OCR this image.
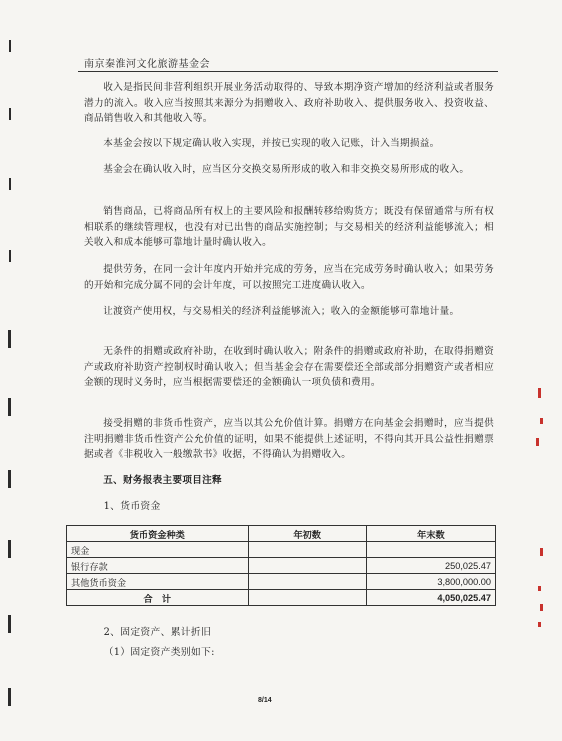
南京秦淮河文化旅游基金会

收入是指民间非营利组织开展业务活动取得的、导致本期净资产增加的经济利益或者服务潜力的流入。收入应当按照其来源分为捐赠收入、政府补助收入、提供服务收入、投资收益、商品销售收入和其他收入等。

本基金会按以下规定确认收入实现，并按已实现的收入记账，计入当期损益。

基金会在确认收入时，应当区分交换交易所形成的收入和非交换交易所形成的收入。

销售商品，已将商品所有权上的主要风险和报酬转移给购货方；既没有保留通常与所有权相联系的继续管理权，也没有对已出售的商品实施控制；与交易相关的经济利益能够流入；相关收入和成本能够可靠地计量时确认收入。

提供劳务，在同一会计年度内开始并完成的劳务，应当在完成劳务时确认收入；如果劳务的开始和完成分属不同的会计年度，可以按照完工进度确认收入。

让渡资产使用权，与交易相关的经济利益能够流入；收入的金额能够可靠地计量。

无条件的捐赠或政府补助，在收到时确认收入；附条件的捐赠或政府补助，在取得捐赠资产或政府补助资产控制权时确认收入；但当基金会存在需要偿还全部或部分捐赠资产或者相应金额的现时义务时，应当根据需要偿还的金额确认一项负债和费用。

接受捐赠的非货币性资产，应当以其公允价值计算。捐赠方在向基金会捐赠时，应当提供注明捐赠非货币性资产公允价值的证明，如果不能提供上述证明，不得向其开具公益性捐赠票据或者《非税收入一般缴款书》收据，不得确认为捐赠收入。

五、财务报表主要项目注释

1、货币资金

货币资金种类	年初数	年末数
现金		
银行存款		250,025.47
其他货币资金		3,800,000.00
合　计		4,050,025.47

2、固定资产、累计折旧

（1）固定资产类别如下:

8/14
